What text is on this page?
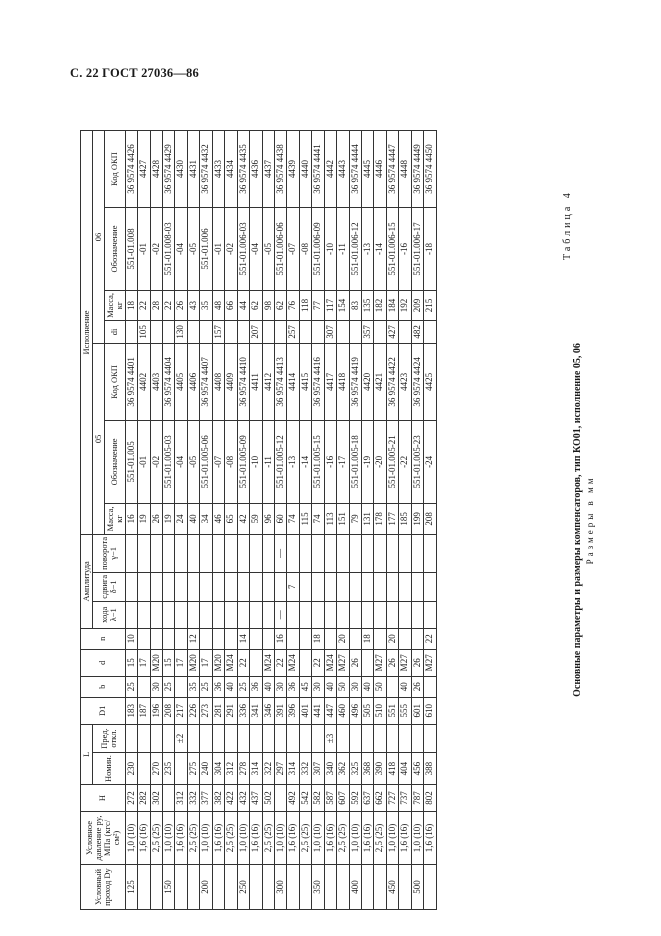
С. 22 ГОСТ 27036—86
Условный проход Dy	Условное давление py, МПа (кгс/см²)	H	L		D1	b	d	n	Амплитуда			Исполнение						
			Номин.	Пред. откл.					хода λ−1	сдвига δ−1	поворота γ−1	05			06			
												Масса, кг	Обозначение	Код ОКП	di	Масса, кг	Обозначение	Код ОКП
125	1,0 (10)	272	230		183	25	15	10				16	551-01.005	36 9574 4401		18	551-01.008	36 9574 4426
	1,6 (16)	282			187		17					19	-01	4402	105	22	-01	4427
	2,5 (25)	302	270		196	30	M20					26	-02	4403		28	-02	4428
150	1,0 (10)		235		208	25	15					19	551-01.005-03	36 9574 4404		22	551-01.008-03	36 9574 4429
	1,6 (16)	312		±2	217		17					24	-04	4405	130	26	-04	4430
	2,5 (25)	332	275		226	35	M20	12				40	-05	4406		43	-05	4431
200	1,0 (10)	377	240		273	25	17					34	551-01.005-06	36 9574 4407		35	551-01.006	36 9574 4432
	1,6 (16)	382	304		281	36	M20					46	-07	4408	157	48	-01	4433
	2,5 (25)	422	312		291	40	M24					65	-08	4409		66	-02	4434
250	1,0 (10)	432	278		336	25	22	14				42	551-01.005-09	36 9574 4410		44	551-01.006-03	36 9574 4435
	1,6 (16)	437	314		341	36						59	-10	4411	207	62	-04	4436
	2,5 (25)	502	322		346	40	M24					96	-11	4412		98	-05	4437
300	1,0 (10)		297		391	30	22	16	—		—	60	551-01.005-12	36 9574 4413		62	551-01.006-06	36 9574 4438
	1,6 (16)	492	314		396	36	M24			7		74	-13	4414	257	76	-07	4439
	2,5 (25)	542	332		401	45						115	-14	4415		118	-08	4440
350	1,0 (10)	582	307		441	30	22	18				74	551-01.005-15	36 9574 4416		77	551-01.006-09	36 9574 4441
	1,6 (16)	587	340	±3	447	40	M24					113	-16	4417	307	117	-10	4442
	2,5 (25)	607	362		460	50	M27	20				151	-17	4418		154	-11	4443
400	1,0 (10)	592	325		496	30	26					79	551-01.005-18	36 9574 4419		83	551-01.006-12	36 9574 4444
	1,6 (16)	637	368		505	40		18				131	-19	4420	357	135	-13	4445
	2,5 (25)	662	390		510	50	M27					178	-20	4421		182	-14	4446
450	1,0 (10)	727	418		551		26	20				177	551-01.005-21	36 9574 4422	427	184	551-01.006-15	36 9574 4447
	1,6 (16)	737	404		555	40	M27					185	-22	4423		192	-16	4448
500	1,0 (10)	787	456		601	26	26					199	551-01.005-23	36 9574 4424	482	209	551-01.006-17	36 9574 4449
	1,6 (16)	802	388		610		M27	22				208	-24	4425		215	-18	36 9574 4450
Таблица 4
Основные параметры и размеры компенсаторов, тип КО01, исполнение 05, 06 Размеры в мм
